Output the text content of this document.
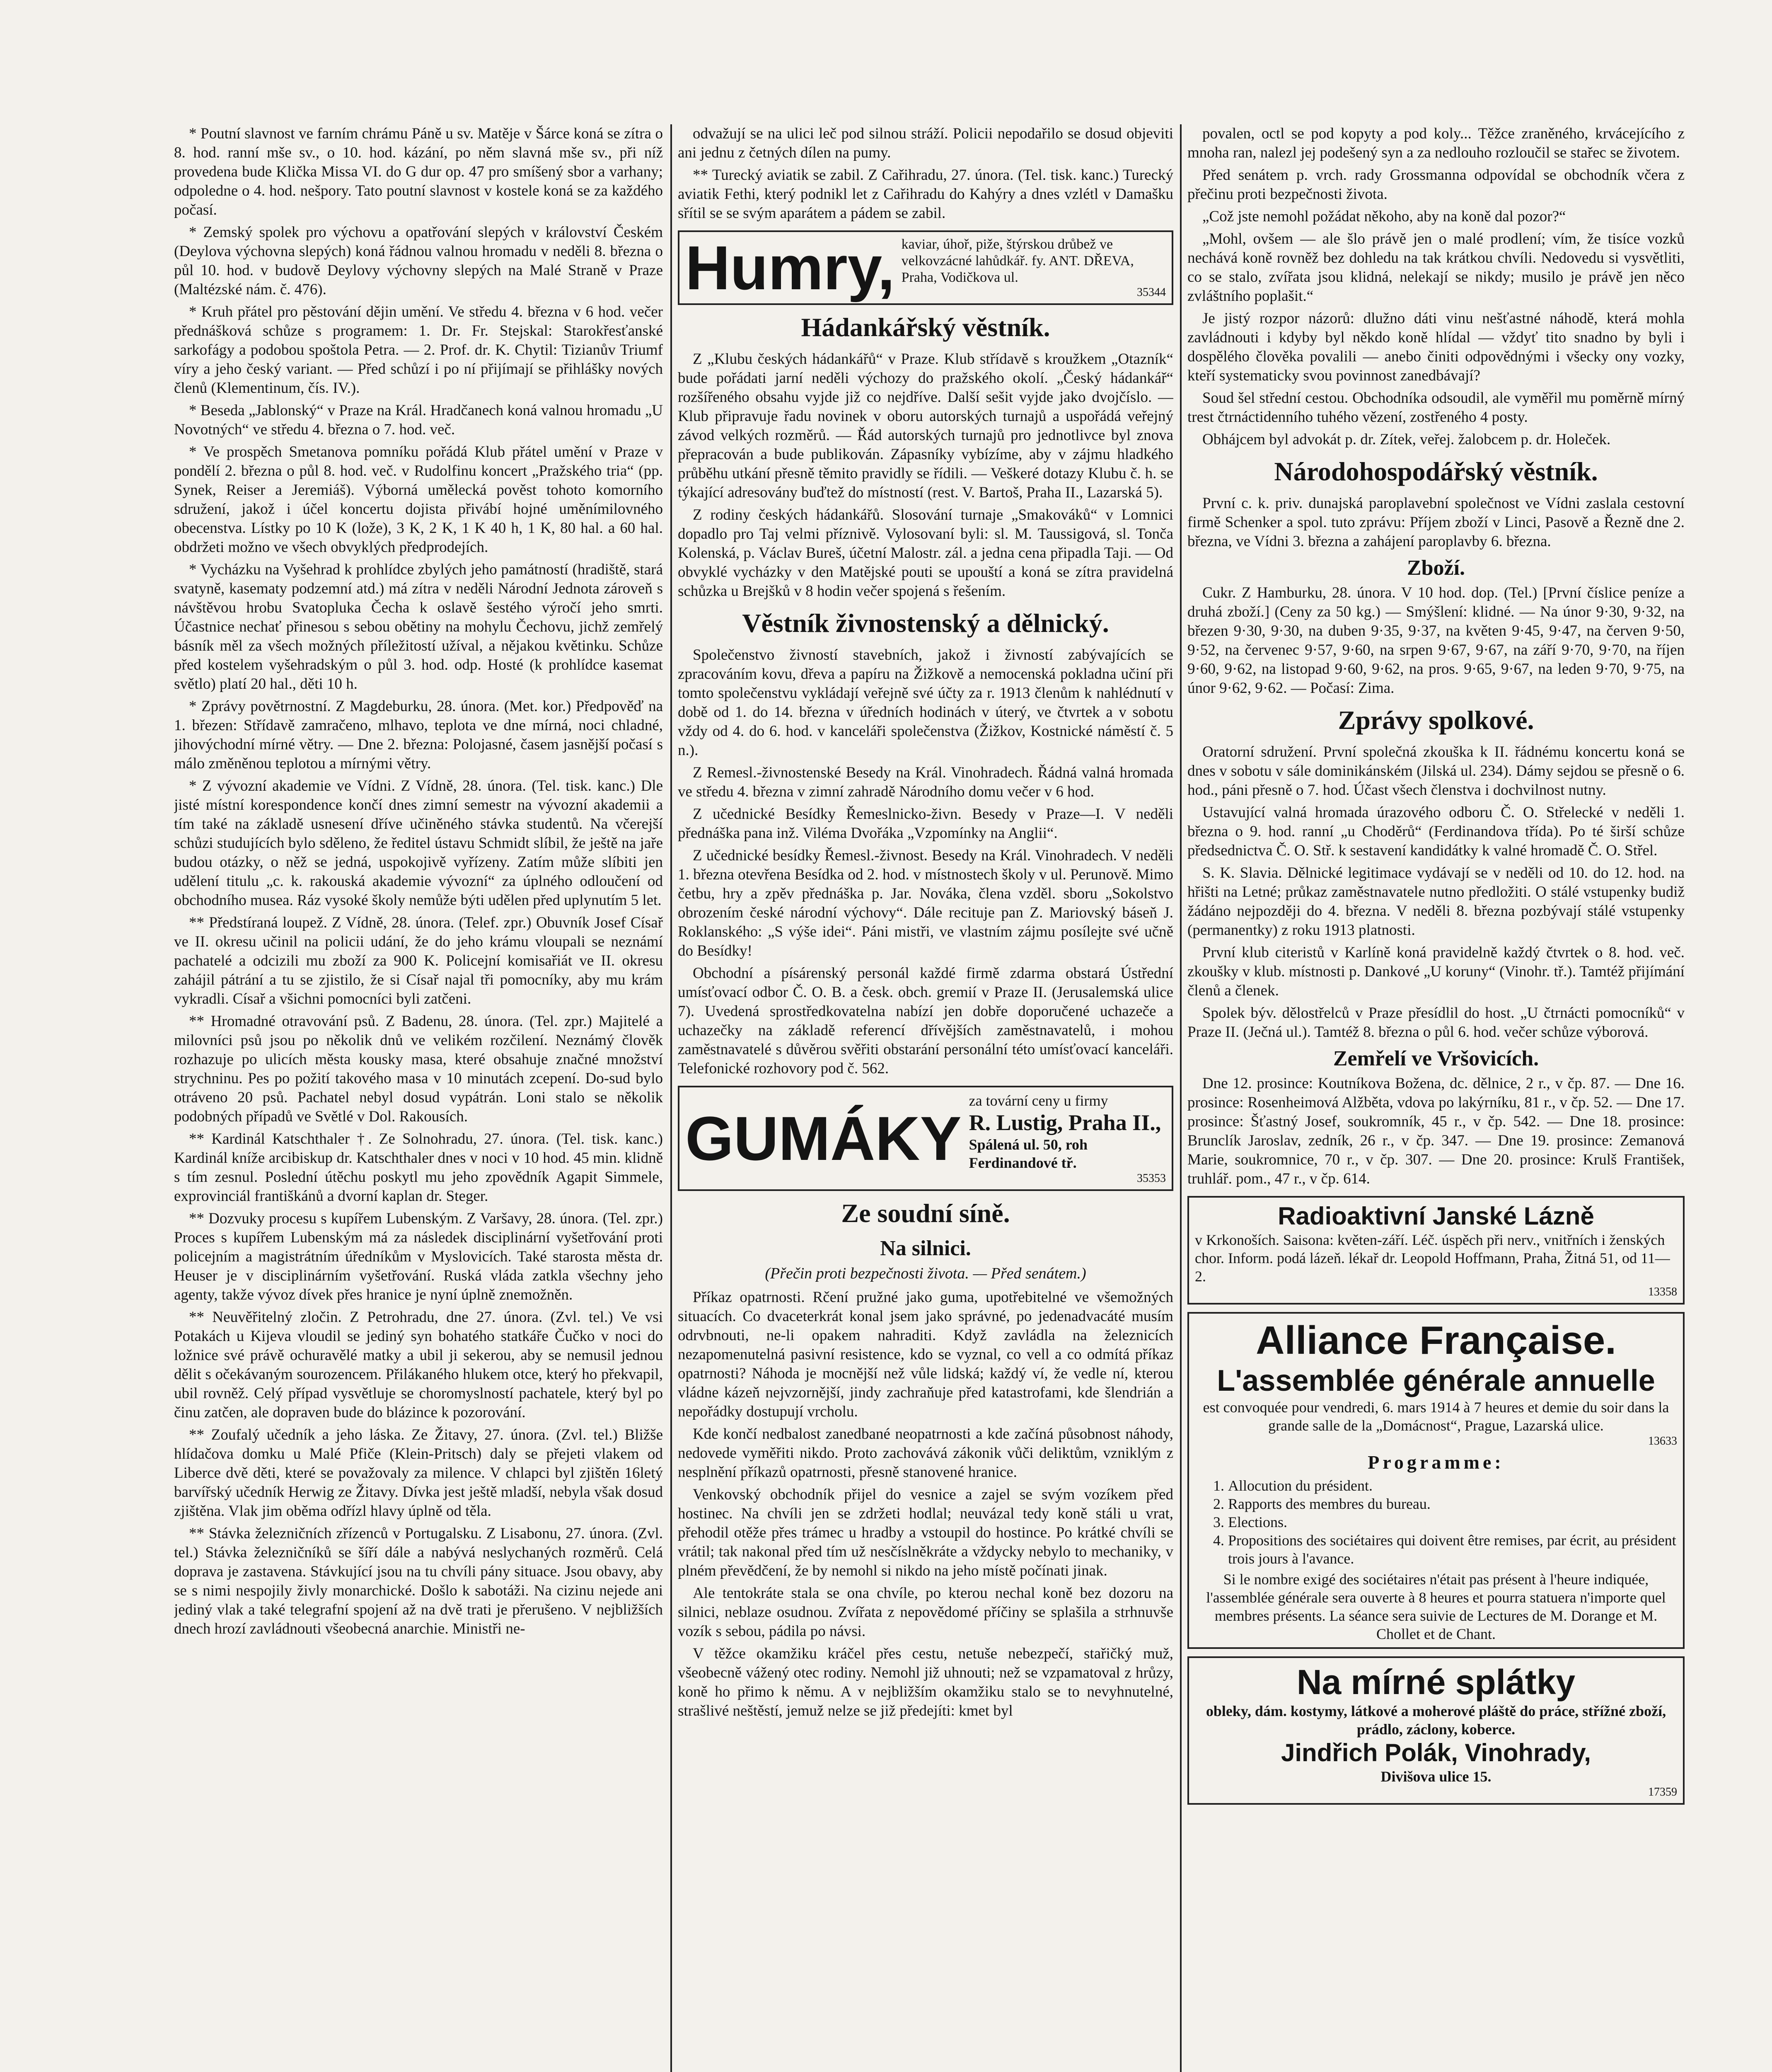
* Poutní slavnost ve farním chrámu Páně u sv. Matěje v Šárce koná se zítra o 8. hod. ranní mše sv., o 10. hod. kázání, po něm slavná mše sv., při níž provedena bude Klička Missa VI. do G dur op. 47 pro smíšený sbor a varhany; odpoledne o 4. hod. nešpory. Tato poutní slavnost v kostele koná se za každého počasí.

* Zemský spolek pro výchovu a opatřování slepých v království Českém (Deylova výchovna slepých) koná řádnou valnou hromadu v neděli 8. března o půl 10. hod. v budově Deylovy výchovny slepých na Malé Straně v Praze (Maltézské nám. č. 476).

* Kruh přátel pro pěstování dějin umění. Ve středu 4. března v 6 hod. večer přednášková schůze s programem: 1. Dr. Fr. Stejskal: Starokřesťanské sarkofágy a podobou spoštola Petra. — 2. Prof. dr. K. Chytil: Tizianův Triumf víry a jeho český variant. — Před schůzí i po ní přijímají se přihlášky nových členů (Klementinum, čís. IV.).

* Beseda „Jablonský“ v Praze na Král. Hradčanech koná valnou hromadu „U Novotných“ ve středu 4. března o 7. hod. več.

* Ve prospěch Smetanova pomníku pořádá Klub přátel umění v Praze v pondělí 2. března o půl 8. hod. več. v Rudolfinu koncert „Pražského tria“ (pp. Synek, Reiser a Jeremiáš). Výborná umělecká pověst tohoto komorního sdružení, jakož i účel koncertu dojista přivábí hojné uměnímilovného obecenstva. Lístky po 10 K (lože), 3 K, 2 K, 1 K 40 h, 1 K, 80 hal. a 60 hal. obdržeti možno ve všech obvyklých předprodejích.

* Vycházku na Vyšehrad k prohlídce zbylých jeho památností (hradiště, stará svatyně, kasematy podzemní atd.) má zítra v neděli Národní Jednota zároveň s návštěvou hrobu Svatopluka Čecha k oslavě šestého výročí jeho smrti. Účastnice nechať přinesou s sebou obětiny na mohylu Čechovu, jichž zemřelý básník měl za všech možných příležitostí užíval, a nějakou květinku. Schůze před kostelem vyšehradským o půl 3. hod. odp. Hosté (k prohlídce kasemat světlo) platí 20 hal., děti 10 h.

* Zprávy povětrnostní. Z Magdeburku, 28. února. (Met. kor.) Předpověď na 1. březen: Střídavě zamračeno, mlhavo, teplota ve dne mírná, noci chladné, jihovýchodní mírné větry. — Dne 2. března: Polojasné, časem jasnější počasí s málo změněnou teplotou a mírnými větry.

* Z vývozní akademie ve Vídni. Z Vídně, 28. února. (Tel. tisk. kanc.) Dle jisté místní korespondence končí dnes zimní semestr na vývozní akademii a tím také na základě usnesení dříve učiněného stávka studentů. Na včerejší schůzi studujících bylo sděleno, že ředitel ústavu Schmidt slíbil, že ještě na jaře budou otázky, o něž se jedná, uspokojivě vyřízeny. Zatím může slíbiti jen udělení titulu „c. k. rakouská akademie vývozní“ za úplného odloučení od obchodního musea. Ráz vysoké školy nemůže býti udělen před uplynutím 5 let.

** Předstíraná loupež. Z Vídně, 28. února. (Telef. zpr.) Obuvník Josef Císař ve II. okresu učinil na policii udání, že do jeho krámu vloupali se neznámí pachatelé a odcizili mu zboží za 900 K. Policejní komisařiát ve II. okresu zahájil pátrání a tu se zjistilo, že si Císař najal tři pomocníky, aby mu krám vykradli. Císař a všichni pomocníci byli zatčeni.

** Hromadné otravování psů. Z Badenu, 28. února. (Tel. zpr.) Majitelé a milovníci psů jsou po několik dnů ve velikém rozčilení. Neznámý člověk rozhazuje po ulicích města kousky masa, které obsahuje značné množství strychninu. Pes po požití takového masa v 10 minutách zcepení. Do-sud bylo otráveno 20 psů. Pachatel nebyl dosud vypátrán. Loni stalo se několik podobných případů ve Světlé v Dol. Rakousích.

** Kardinál Katschthaler †. Ze Solnohradu, 27. února. (Tel. tisk. kanc.) Kardinál kníže arcibiskup dr. Katschthaler dnes v noci v 10 hod. 45 min. klidně s tím zesnul. Poslední útěchu poskytl mu jeho zpovědník Agapit Simmele, exprovinciál františkánů a dvorní kaplan dr. Steger.

** Dozvuky procesu s kupířem Lubenským. Z Varšavy, 28. února. (Tel. zpr.) Proces s kupířem Lubenským má za následek disciplinární vyšetřování proti policejním a magistrátním úředníkům v Myslovicích. Také starosta města dr. Heuser je v disciplinárním vyšetřování. Ruská vláda zatkla všechny jeho agenty, takže vývoz dívek přes hranice je nyní úplně znemožněn.

** Neuvěřitelný zločin. Z Petrohradu, dne 27. února. (Zvl. tel.) Ve vsi Potakách u Kijeva vloudil se jediný syn bohatého statkáře Čučko v noci do ložnice své právě ochuravělé matky a ubil ji sekerou, aby se nemusil jednou dělit s očekávaným sourozencem. Přilákaného hlukem otce, který ho překvapil, ubil rovněž. Celý případ vysvětluje se choromyslností pachatele, který byl po činu zatčen, ale dopraven bude do blázince k pozorování.

** Zoufalý učedník a jeho láska. Ze Žitavy, 27. února. (Zvl. tel.) Bližše hlídačova domku u Malé Pfiče (Klein-Pritsch) daly se přejeti vlakem od Liberce dvě děti, které se považovaly za milence. V chlapci byl zjištěn 16letý barvířský učedník Herwig ze Žitavy. Dívka jest ještě mladší, nebyla však dosud zjištěna. Vlak jim oběma odřízl hlavy úplně od těla.

** Stávka železničních zřízenců v Portugalsku. Z Lisabonu, 27. února. (Zvl. tel.) Stávka železničníků se šíří dále a nabývá neslychaných rozměrů. Celá doprava je zastavena. Stávkující jsou na tu chvíli pány situace. Jsou obavy, aby se s nimi nespojily živly monarchické. Došlo k sabotáži. Na cizinu nejede ani jediný vlak a také telegrafní spojení až na dvě trati je přerušeno. V nejbližších dnech hrozí zavládnouti všeobecná anarchie. Ministři ne-

odvažují se na ulici leč pod silnou stráží. Policii nepodařilo se dosud objeviti ani jednu z četných dílen na pumy.

** Turecký aviatik se zabil. Z Cařihradu, 27. února. (Tel. tisk. kanc.) Turecký aviatik Fethi, který podnikl let z Cařihradu do Kahýry a dnes vzlétl v Damašku sřítil se se svým aparátem a pádem se zabil.

Humry, kaviar, úhoř, piže, štýrskou drůbež ve velkovzácné lahůdkář. fy. ANT. DŘEVA, Praha, Vodičkova ul.
35344
Hádankářský věstník.

Z „Klubu českých hádankářů“ v Praze. Klub střídavě s kroužkem „Otazník“ bude pořádati jarní neděli výchozy do pražského okolí. „Český hádankář“ rozšířeného obsahu vyjde již co nejdříve. Další sešit vyjde jako dvojčíslo. — Klub připravuje řadu novinek v oboru autorských turnajů a uspořádá veřejný závod velkých rozměrů. — Řád autorských turnajů pro jednotlivce byl znova přepracován a bude publikován. Zápasníky vybízíme, aby v zájmu hladkého průběhu utkání přesně těmito pravidly se řídili. — Veškeré dotazy Klubu č. h. se týkající adresovány buďtež do místností (rest. V. Bartoš, Praha II., Lazarská 5).

Z rodiny českých hádankářů. Slosování turnaje „Smakováků“ v Lomnici dopadlo pro Taj velmi příznivě. Vylosovaní byli: sl. M. Taussigová, sl. Tonča Kolenská, p. Václav Bureš, účetní Malostr. zál. a jedna cena připadla Taji. — Od obvyklé vycházky v den Matějské pouti se upouští a koná se zítra pravidelná schůzka u Brejšků v 8 hodin večer spojená s řešením.

Věstník živnostenský a dělnický.

Společenstvo živností stavebních, jakož i živností zabývajících se zpracováním kovu, dřeva a papíru na Žižkově a nemocenská pokladna učiní při tomto společenstvu vykládají veřejně své účty za r. 1913 členům k nahlédnutí v době od 1. do 14. března v úředních hodinách v úterý, ve čtvrtek a v sobotu vždy od 4. do 6. hod. v kanceláři společenstva (Žižkov, Kostnické náměstí č. 5 n.).

Z Remesl.-živnostenské Besedy na Král. Vinohradech. Řádná valná hromada ve středu 4. března v zimní zahradě Národního domu večer v 6 hod.

Z učednické Besídky Řemeslnicko-živn. Besedy v Praze—I. V neděli přednáška pana inž. Viléma Dvořáka „Vzpomínky na Anglii“.

Z učednické besídky Řemesl.-živnost. Besedy na Král. Vinohradech. V neděli 1. března otevřena Besídka od 2. hod. v místnostech školy v ul. Perunově. Mimo četbu, hry a zpěv přednáška p. Jar. Nováka, člena vzděl. sboru „Sokolstvo obrozením české národní výchovy“. Dále recituje pan Z. Mariovský báseň J. Roklanského: „S výše idei“. Páni mistři, ve vlastním zájmu posílejte své učně do Besídky!

Obchodní a písárenský personál každé firmě zdarma obstará Ústřední umísťovací odbor Č. O. B. a česk. obch. gremií v Praze II. (Jerusalemská ulice 7). Uvedená sprostředkovatelna nabízí jen dobře doporučené uchazeče a uchazečky na základě referencí dřívějších zaměstnavatelů, i mohou zaměstnavatelé s důvěrou svěřiti obstarání personální této umísťovací kanceláři. Telefonické rozhovory pod č. 562.

GUMÁKY
za tovární ceny u firmy
R. Lustig, Praha II.,
Spálená ul. 50, roh Ferdinandové tř.
35353
Ze soudní síně.
Na silnici.
(Přečin proti bezpečnosti života. — Před senátem.)

Příkaz opatrnosti. Rčení pružné jako guma, upotřebitelné ve všemožných situacích. Co dvaceterkrát konal jsem jako správné, po jedenadvacáté musím odrvbnouti, ne-li opakem nahraditi. Když zavládla na železnicích nezapomenutelná pasivní resistence, kdo se vyznal, co vell a co odmítá příkaz opatrnosti? Náhoda je mocnější než vůle lidská; každý ví, že vedle ní, kterou vládne kázeň nejvzornější, jindy zachraňuje před katastrofami, kde šlendrián a nepořádky dostupují vrcholu.

Kde končí nedbalost zanedbané neopatrnosti a kde začíná působnost náhody, nedovede vyměřiti nikdo. Proto zachovává zákonik vůči deliktům, vzniklým z nesplnění příkazů opatrnosti, přesně stanovené hranice.

Venkovský obchodník přijel do vesnice a zajel se svým vozíkem před hostinec. Na chvíli jen se zdržeti hodlal; neuvázal tedy koně stáli u vrat, přehodil otěže přes trámec u hradby a vstoupil do hostince. Po krátké chvíli se vrátil; tak nakonal před tím už nesčíslněkráte a vždycky nebylo to mechaniky, v plném převědčení, že by nemohl si nikdo na jeho místě počínati jinak.

Ale tentokráte stala se ona chvíle, po kterou nechal koně bez dozoru na silnici, neblaze osudnou. Zvířata z nepovědomé příčiny se splašila a strhnuvše vozík s sebou, pádila po návsi.

V těžce okamžiku kráčel přes cestu, netuše nebezpečí, stařičký muž, všeobecně vážený otec rodiny. Nemohl již uhnouti; než se vzpamatoval z hrůzy, koně ho přimo k němu. A v nejbližším okamžiku stalo se to nevyhnutelné, strašlivé neštěstí, jemuž nelze se již předejíti: kmet byl

povalen, octl se pod kopyty a pod koly... Těžce zraněného, krvácejícího z mnoha ran, nalezl jej podešený syn a za nedlouho rozloučil se stařec se životem.

Před senátem p. vrch. rady Grossmanna odpovídal se obchodník včera z přečinu proti bezpečnosti života.

„Což jste nemohl požádat někoho, aby na koně dal pozor?“

„Mohl, ovšem — ale šlo právě jen o malé prodlení; vím, že tisíce vozků nechává koně rovněž bez dohledu na tak krátkou chvíli. Nedovedu si vysvětliti, co se stalo, zvířata jsou klidná, nelekají se nikdy; musilo je právě jen něco zvláštního poplašit.“

Je jistý rozpor názorů: dlužno dáti vinu nešťastné náhodě, která mohla zavládnouti i kdyby byl někdo koně hlídal — vždyť tito snadno by byli i dospělého člověka povalili — anebo činiti odpovědnými i všecky ony vozky, kteří systematicky svou povinnost zanedbávají?

Soud šel střední cestou. Obchodníka odsoudil, ale vyměřil mu poměrně mírný trest čtrnáctidenního tuhého vězení, zostřeného 4 posty.

Obhájcem byl advokát p. dr. Zítek, veřej. žalobcem p. dr. Holeček.

Národohospodářský věstník.

První c. k. priv. dunajská paroplavební společnost ve Vídni zaslala cestovní firmě Schenker a spol. tuto zprávu: Příjem zboží v Linci, Pasově a Řezně dne 2. března, ve Vídni 3. března a zahájení paroplavby 6. března.

Zboží.

Cukr. Z Hamburku, 28. února. V 10 hod. dop. (Tel.) [První číslice peníze a druhá zboží.] (Ceny za 50 kg.) — Smýšlení: klidné. — Na únor 9·30, 9·32, na březen 9·30, 9·30, na duben 9·35, 9·37, na květen 9·45, 9·47, na červen 9·50, 9·52, na červenec 9·57, 9·60, na srpen 9·67, 9·67, na září 9·70, 9·70, na říjen 9·60, 9·62, na listopad 9·60, 9·62, na pros. 9·65, 9·67, na leden 9·70, 9·75, na únor 9·62, 9·62. — Počasí: Zima.

Zprávy spolkové.

Oratorní sdružení. První společná zkouška k II. řádnému koncertu koná se dnes v sobotu v sále dominikánském (Jilská ul. 234). Dámy sejdou se přesně o 6. hod., páni přesně o 7. hod. Účast všech členstva i dochvilnost nutny.

Ustavující valná hromada úrazového odboru Č. O. Střelecké v neděli 1. března o 9. hod. ranní „u Choděrů“ (Ferdinandova třída). Po té širší schůze předsednictva Č. O. Stř. k sestavení kandidátky k valné hromadě Č. O. Střel.

S. K. Slavia. Dělnické legitimace vydávají se v neděli od 10. do 12. hod. na hřišti na Letné; průkaz zaměstnavatele nutno předložiti. O stálé vstupenky budiž žádáno nejpozději do 4. března. V neděli 8. března pozbývají stálé vstupenky (permanentky) z roku 1913 platnosti.

První klub citeristů v Karlíně koná pravidelně každý čtvrtek o 8. hod. več. zkoušky v klub. místnosti p. Dankové „U koruny“ (Vinohr. tř.). Tamtéž přijímání členů a členek.

Spolek býv. dělostřelců v Praze přesídlil do host. „U čtrnácti pomocníků“ v Praze II. (Ječná ul.). Tamtéž 8. března o půl 6. hod. večer schůze výborová.

Zemřelí ve Vršovicích.

Dne 12. prosince: Koutníkova Božena, dc. dělnice, 2 r., v čp. 87. — Dne 16. prosince: Rosenheimová Alžběta, vdova po lakýrníku, 81 r., v čp. 52. — Dne 17. prosince: Šťastný Josef, soukromník, 45 r., v čp. 542. — Dne 18. prosince: Brunclík Jaroslav, zedník, 26 r., v čp. 347. — Dne 19. prosince: Zemanová Marie, soukromnice, 70 r., v čp. 307. — Dne 20. prosince: Krulš František, truhlář. pom., 47 r., v čp. 614.

Radioaktivní Janské Lázně
v Krkonoších. Saisona: květen-září. Léč. úspěch při nerv., vnitřních i ženských chor. Inform. podá lázeň. lékař dr. Leopold Hoffmann, Praha, Žitná 51, od 11—2.
13358
Alliance Française.
L'assemblée générale annuelle
est convoquée pour vendredi, 6. mars 1914 à 7 heures et demie du soir dans la grande salle de la „Domácnost“, Prague, Lazarská ulice.
13633
Programme:
1. Allocution du président.
2. Rapports des membres du bureau.
3. Elections.
4. Propositions des sociétaires qui doivent être remises, par écrit, au président trois jours à l'avance.
Si le nombre exigé des sociétaires n'était pas présent à l'heure indiquée, l'assemblée générale sera ouverte à 8 heures et pourra statuera n'importe quel membres présents. La séance sera suivie de Lectures de M. Dorange et M. Chollet et de Chant.
Na mírné splátky
obleky, dám. kostymy, látkové a moherové pláště do práce, střížné zboží, prádlo, záclony, koberce.
Jindřich Polák, Vinohrady,
Divišova ulice 15.
17359
